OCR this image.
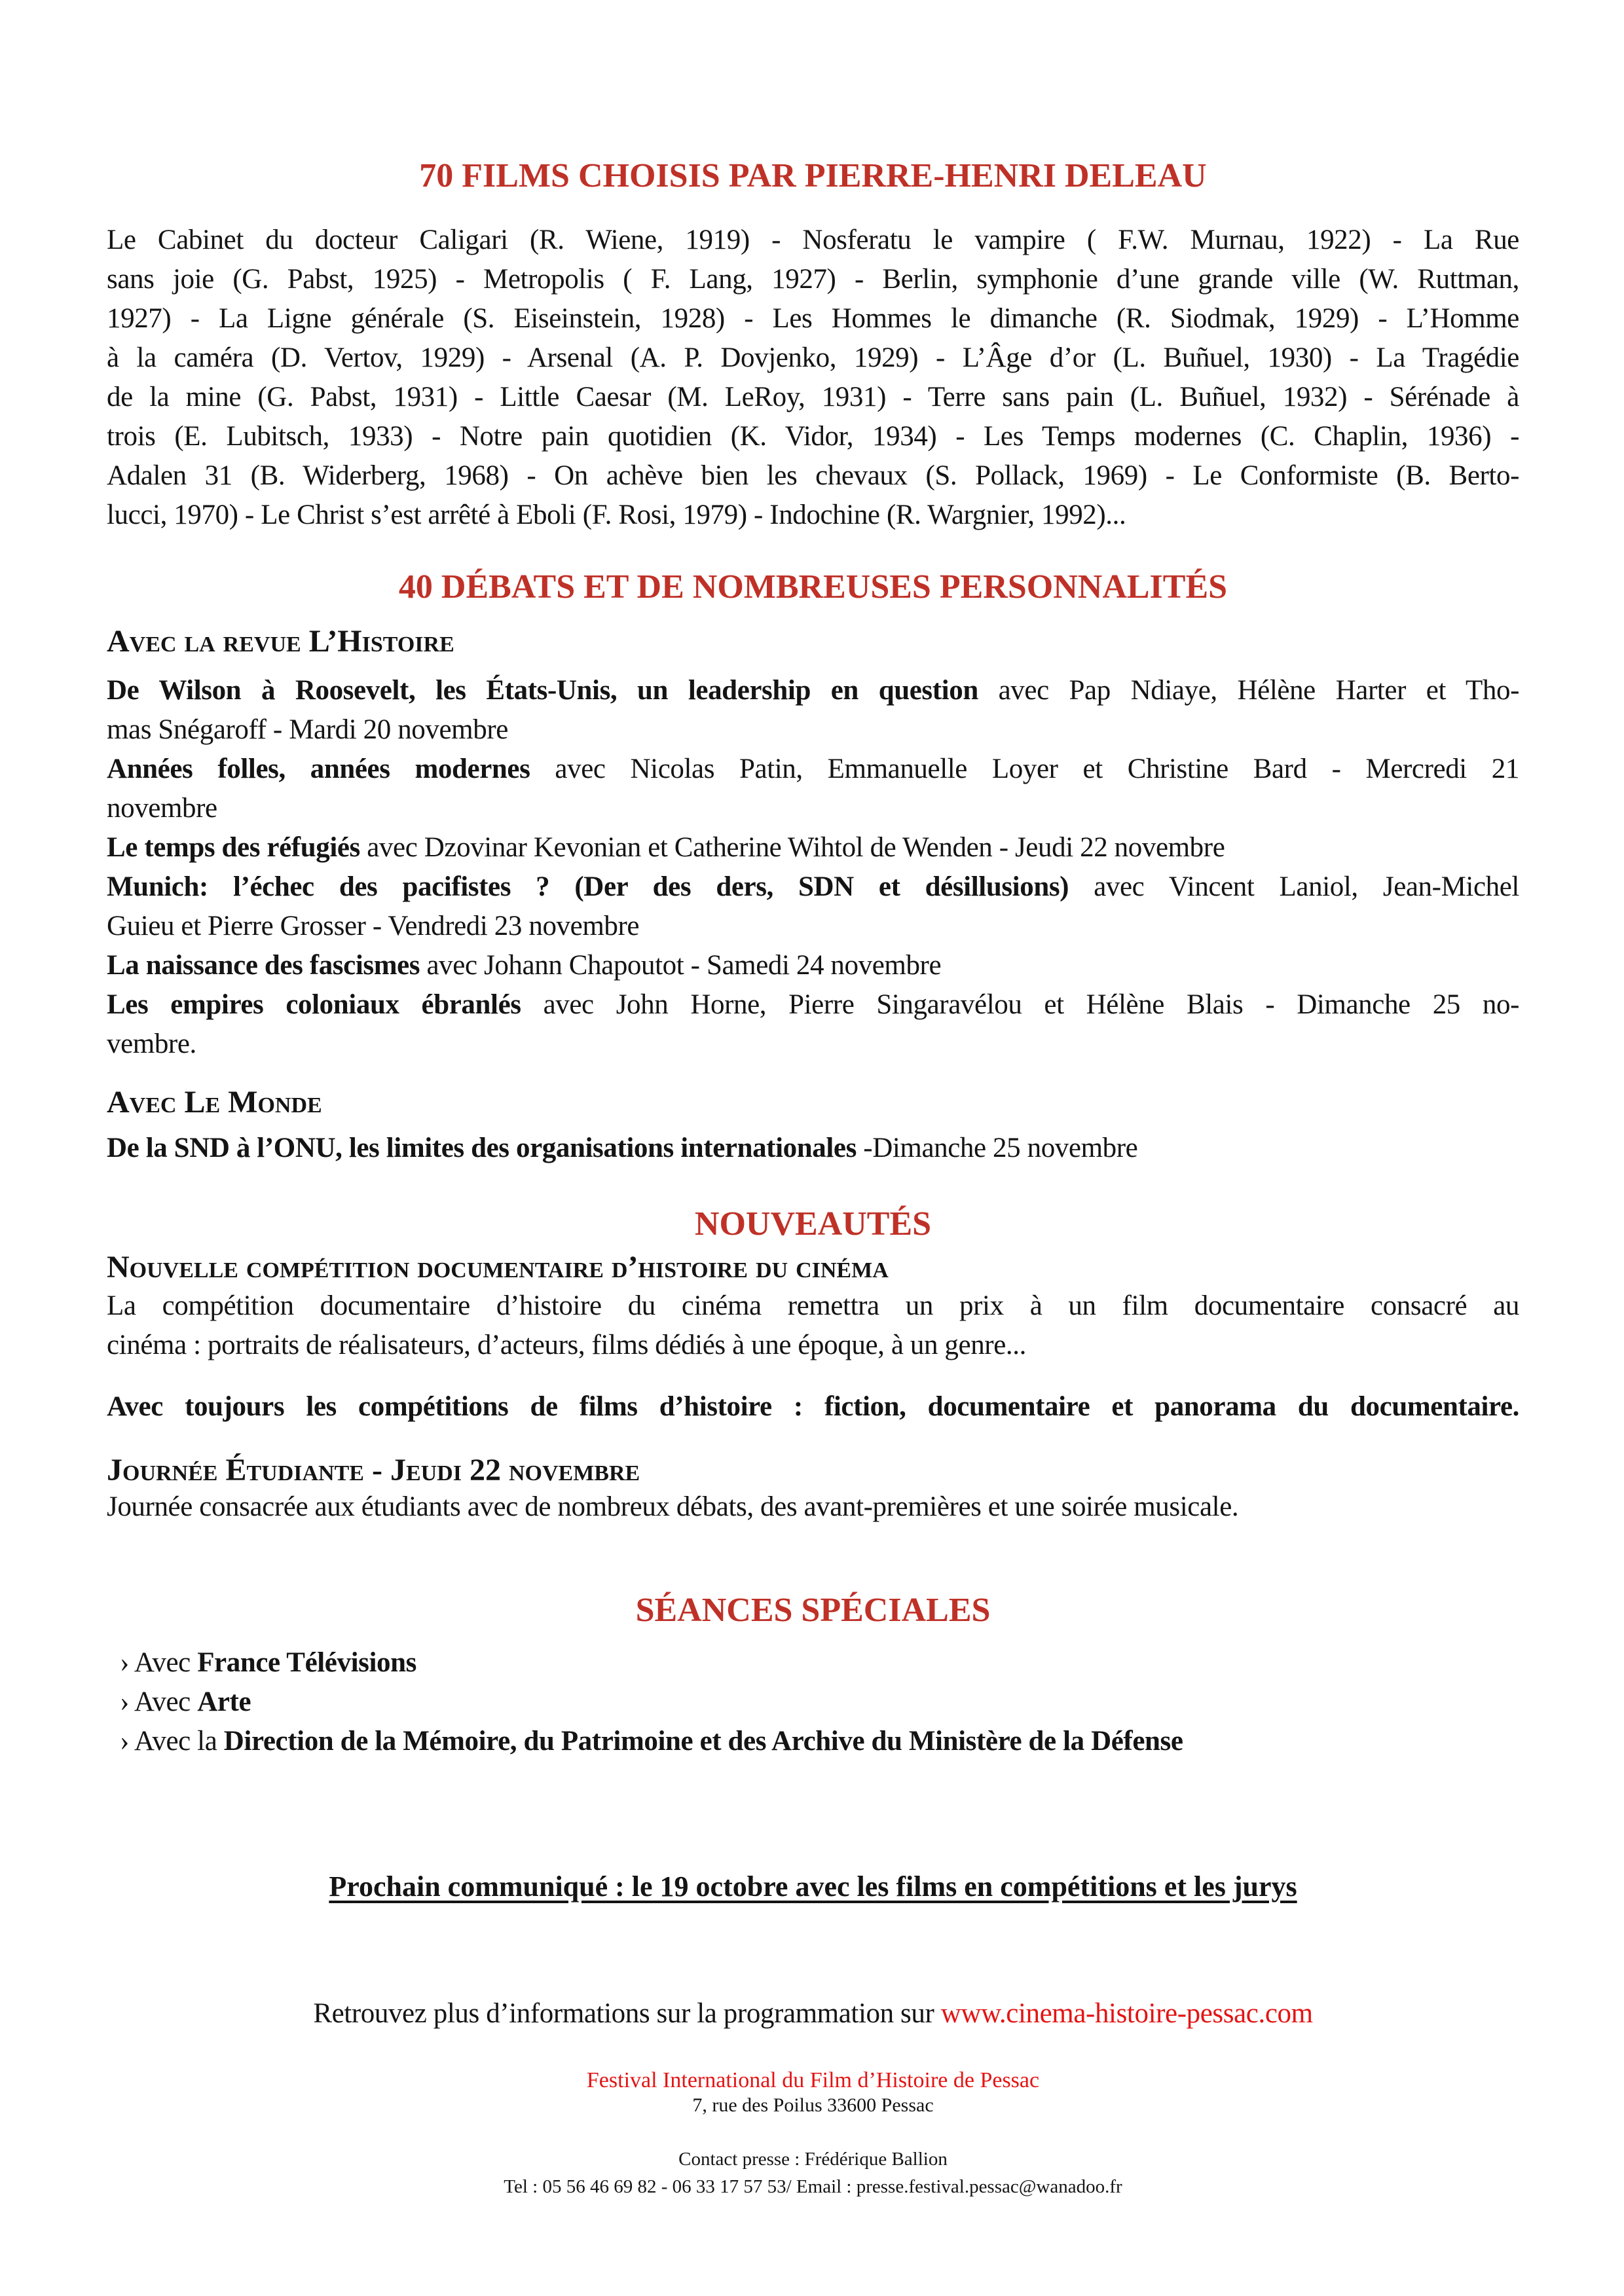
70 FILMS CHOISIS PAR PIERRE-HENRI DELEAU
Le Cabinet du docteur Caligari (R. Wiene, 1919) - Nosferatu le vampire ( F.W. Murnau, 1922) - La Rue
sans joie (G. Pabst, 1925) - Metropolis ( F. Lang, 1927) - Berlin, symphonie d’une grande ville (W. Ruttman,
1927) - La Ligne générale (S. Eiseinstein, 1928) - Les Hommes le dimanche (R. Siodmak, 1929) - L’Homme
à la caméra (D. Vertov, 1929) - Arsenal (A. P. Dovjenko, 1929) - L’Âge d’or (L. Buñuel, 1930) - La Tragédie
de la mine (G. Pabst, 1931) - Little Caesar (M. LeRoy, 1931) - Terre sans pain (L. Buñuel, 1932) - Sérénade à
trois (E. Lubitsch, 1933) - Notre pain quotidien (K. Vidor, 1934) - Les Temps modernes (C. Chaplin, 1936) -
Adalen 31 (B. Widerberg, 1968) - On achève bien les chevaux (S. Pollack, 1969) - Le Conformiste (B. Berto-
lucci, 1970) - Le Christ s’est arrêté à Eboli (F. Rosi, 1979) - Indochine (R. Wargnier, 1992)...
40 DÉBATS ET DE NOMBREUSES PERSONNALITÉS
Avec la revue L’Histoire
De Wilson à Roosevelt, les États-Unis, un leadership en question avec Pap Ndiaye, Hélène Harter et Tho-
mas Snégaroff - Mardi 20 novembre
Années folles, années modernes avec Nicolas Patin, Emmanuelle Loyer et Christine Bard - Mercredi 21
novembre
Le temps des réfugiés avec Dzovinar Kevonian et Catherine Wihtol de Wenden - Jeudi 22 novembre
Munich: l’échec des pacifistes ? (Der des ders, SDN et désillusions) avec Vincent Laniol, Jean-Michel
Guieu et Pierre Grosser - Vendredi 23 novembre
La naissance des fascismes avec Johann Chapoutot - Samedi 24 novembre
Les empires coloniaux ébranlés avec John Horne, Pierre Singaravélou et Hélène Blais - Dimanche 25 no-
vembre.
Avec Le Monde
De la SND à l’ONU, les limites des organisations internationales -Dimanche 25 novembre
NOUVEAUTÉS
Nouvelle compétition documentaire d’histoire du cinéma
La compétition documentaire d’histoire du cinéma remettra un prix à un film documentaire consacré au
cinéma : portraits de réalisateurs, d’acteurs, films dédiés à une époque, à un genre...
Avec toujours les compétitions de films d’histoire : fiction, documentaire et panorama du documentaire.
Journée Étudiante - Jeudi 22 novembre
Journée consacrée aux étudiants avec de nombreux débats, des avant-premières et une soirée musicale.
SÉANCES SPÉCIALES
› Avec France Télévisions
› Avec Arte
› Avec la Direction de la Mémoire, du Patrimoine et des Archive du Ministère de la Défense
Prochain communiqué : le 19 octobre avec les films en compétitions et les jurys
Retrouvez plus d’informations sur la programmation sur www.cinema-histoire-pessac.com
Festival International du Film d’Histoire de Pessac
7, rue des Poilus 33600 Pessac
Contact presse : Frédérique Ballion
Tel : 05 56 46 69 82 - 06 33 17 57 53/ Email : presse.festival.pessac@wanadoo.fr
